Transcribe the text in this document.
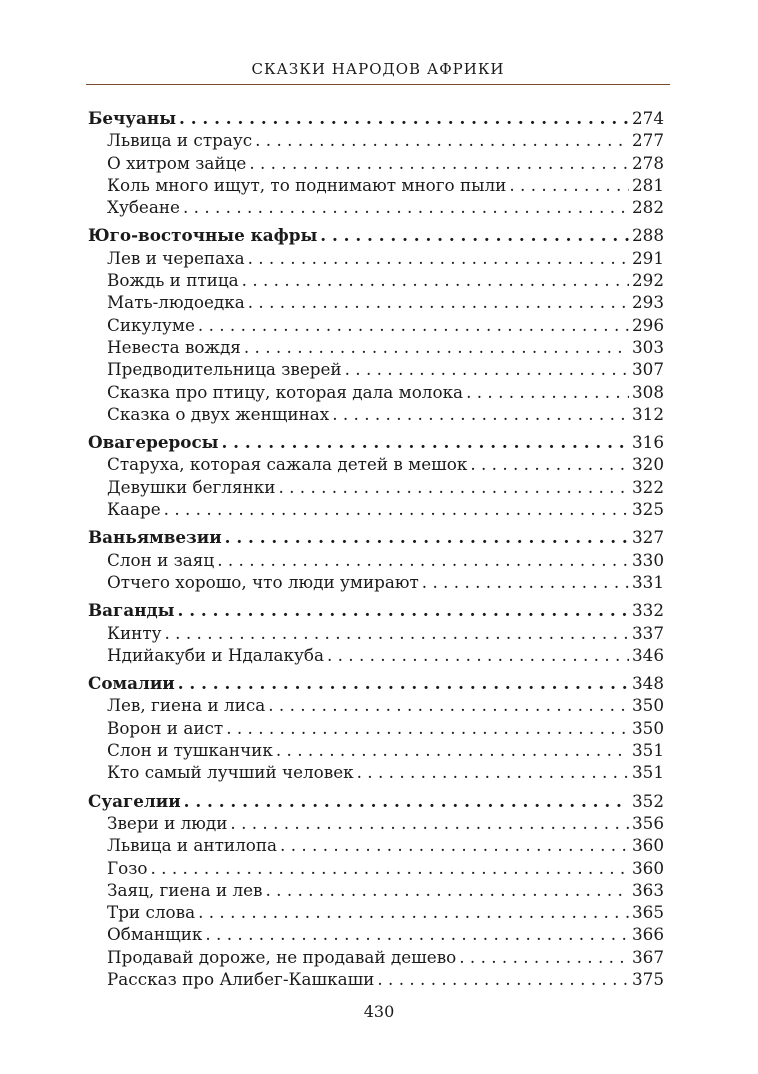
СКАЗКИ НАРОДОВ АФРИКИ
Бечуаны . . .	274
Львица и страус . . .	277
О хитром зайце . . .	278
Коль много ищут, то поднимают много пыли . . .	281
Хубеане . . .	282
Юго-восточные кафры . . .	288
Лев и черепаха . . .	291
Вождь и птица . . .	292
Мать-людоедка . . .	293
Сикулуме . . .	296
Невеста вождя . . .	303
Предводительница зверей . . .	307
Сказка про птицу, которая дала молока . . .	308
Сказка о двух женщинах . . .	312
Овагереросы . . .	316
Старуха, которая сажала детей в мешок . . .	320
Девушки беглянки . . .	322
Кааре . . .	325
Ваньямвезии . . .	327
Слон и заяц . . .	330
Отчего хорошо, что люди умирают . . .	331
Ваганды . . .	332
Кинту . . .	337
Ндийакуби и Ндалакуба . . .	346
Сомалии . . .	348
Лев, гиена и лиса . . .	350
Ворон и аист . . .	350
Слон и тушканчик . . .	351
Кто самый лучший человек . . .	351
Суагелии . . .	352
Звери и люди . . .	356
Львица и антилопа . . .	360
Гозо . . .	360
Заяц, гиена и лев . . .	363
Три слова . . .	365
Обманщик . . .	366
Продавай дороже, не продавай дешево . . .	367
Рассказ про Алибег-Кашкаши . . .	375
430
